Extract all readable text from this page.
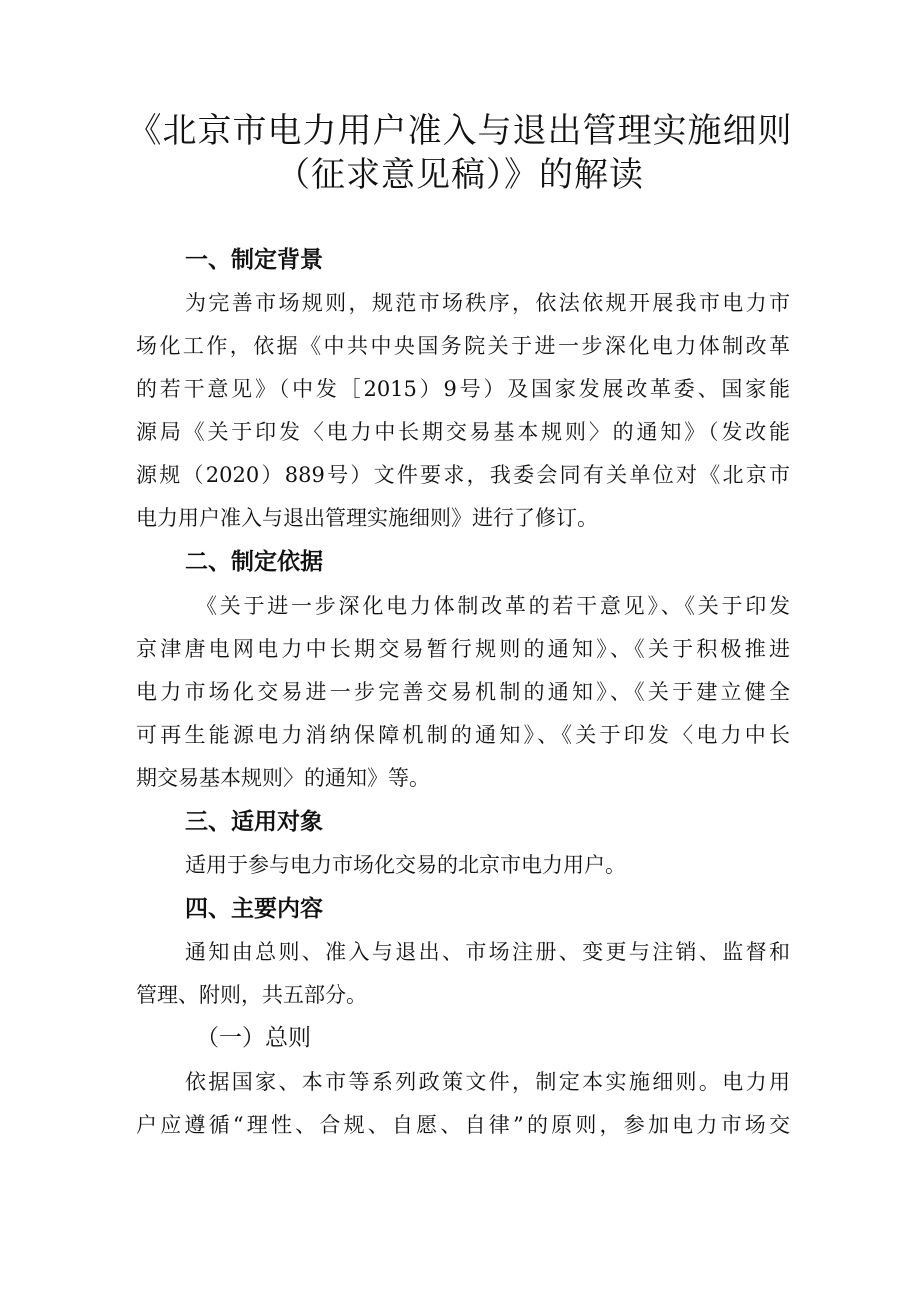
《北京市电力用户准入与退出管理实施细则
（征求意见稿）》的解读
一、制定背景
为完善市场规则，规范市场秩序，依法依规开展我市电力市
场化工作，依据《中共中央国务院关于进一步深化电力体制改革
的若干意见》（中发［2015）9号）及国家发展改革委、国家能
源局《关于印发〈电力中长期交易基本规则〉的通知》（发改能
源规（2020）889号）文件要求，我委会同有关单位对《北京市
电力用户准入与退出管理实施细则》进行了修订。
二、制定依据
《关于进一步深化电力体制改革的若干意见》、《关于印发
京津唐电网电力中长期交易暂行规则的通知》、《关于积极推进
电力市场化交易进一步完善交易机制的通知》、《关于建立健全
可再生能源电力消纳保障机制的通知》、《关于印发〈电力中长
期交易基本规则〉的通知》等。
三、适用对象
适用于参与电力市场化交易的北京市电力用户。
四、主要内容
通知由总则、准入与退出、市场注册、变更与注销、监督和
管理、附则，共五部分。
（一）总则
依据国家、本市等系列政策文件，制定本实施细则。电力用
户应遵循“理性、合规、自愿、自律”的原则，参加电力市场交
